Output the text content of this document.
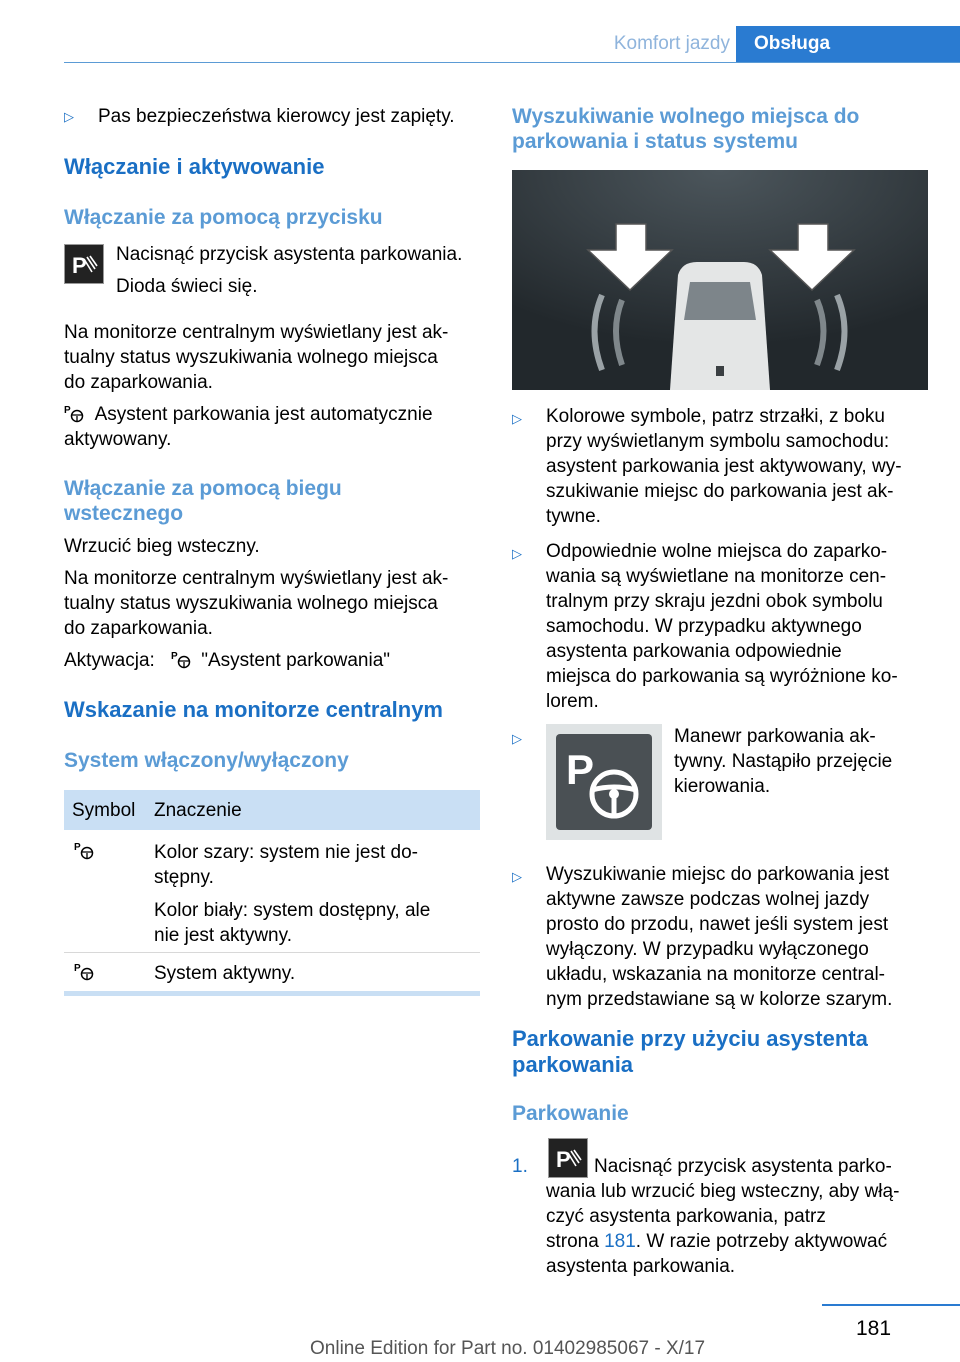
Komfort jazdy	Obsługa
▷ Pas bezpieczeństwa kierowcy jest zapięty.
Włączanie i aktywowanie
Włączanie za pomocą przycisku
P Nacisnąć przycisk asystenta parkowania.
Dioda świeci się.
Na monitorze centralnym wyświetlany jest ak-
tualny status wyszukiwania wolnego miejsca
do zaparkowania.
P Asystent parkowania jest automatycznie
aktywowany.
Włączanie za pomocą biegu
wstecznego
Wrzucić bieg wsteczny.
Na monitorze centralnym wyświetlany jest ak-
tualny status wyszukiwania wolnego miejsca
do zaparkowania.
Aktywacja: P "Asystent parkowania"
Wskazanie na monitorze centralnym
System włączony/wyłączony
Symbol Znaczenie
P	Kolor szary: system nie jest do-
stępny.
Kolor biały: system dostępny, ale
nie jest aktywny.
P	System aktywny.
Wyszukiwanie wolnego miejsca do
parkowania i status systemu
▷ Kolorowe symbole, patrz strzałki, z boku
przy wyświetlanym symbolu samochodu:
asystent parkowania jest aktywowany, wy-
szukiwanie miejsc do parkowania jest ak-
tywne.
▷ Odpowiednie wolne miejsca do zaparko-
wania są wyświetlane na monitorze cen-
tralnym przy skraju jezdni obok symbolu
samochodu. W przypadku aktywnego
asystenta parkowania odpowiednie
miejsca do parkowania są wyróżnione ko-
lorem.
▷
P
Manewr parkowania ak-
tywny. Nastąpiło przejęcie
kierowania.
▷ Wyszukiwanie miejsc do parkowania jest
aktywne zawsze podczas wolnej jazdy
prosto do przodu, nawet jeśli system jest
wyłączony. W przypadku wyłączonego
układu, wskazania na monitorze central-
nym przedstawiane są w kolorze szarym.
Parkowanie przy użyciu asystenta
parkowania
Parkowanie
1. P Nacisnąć przycisk asystenta parko-
wania lub wrzucić bieg wsteczny, aby włą-
czyć asystenta parkowania, patrz
strona 181. W razie potrzeby aktywować
asystenta parkowania.
181
Online Edition for Part no. 01402985067 - X/17
